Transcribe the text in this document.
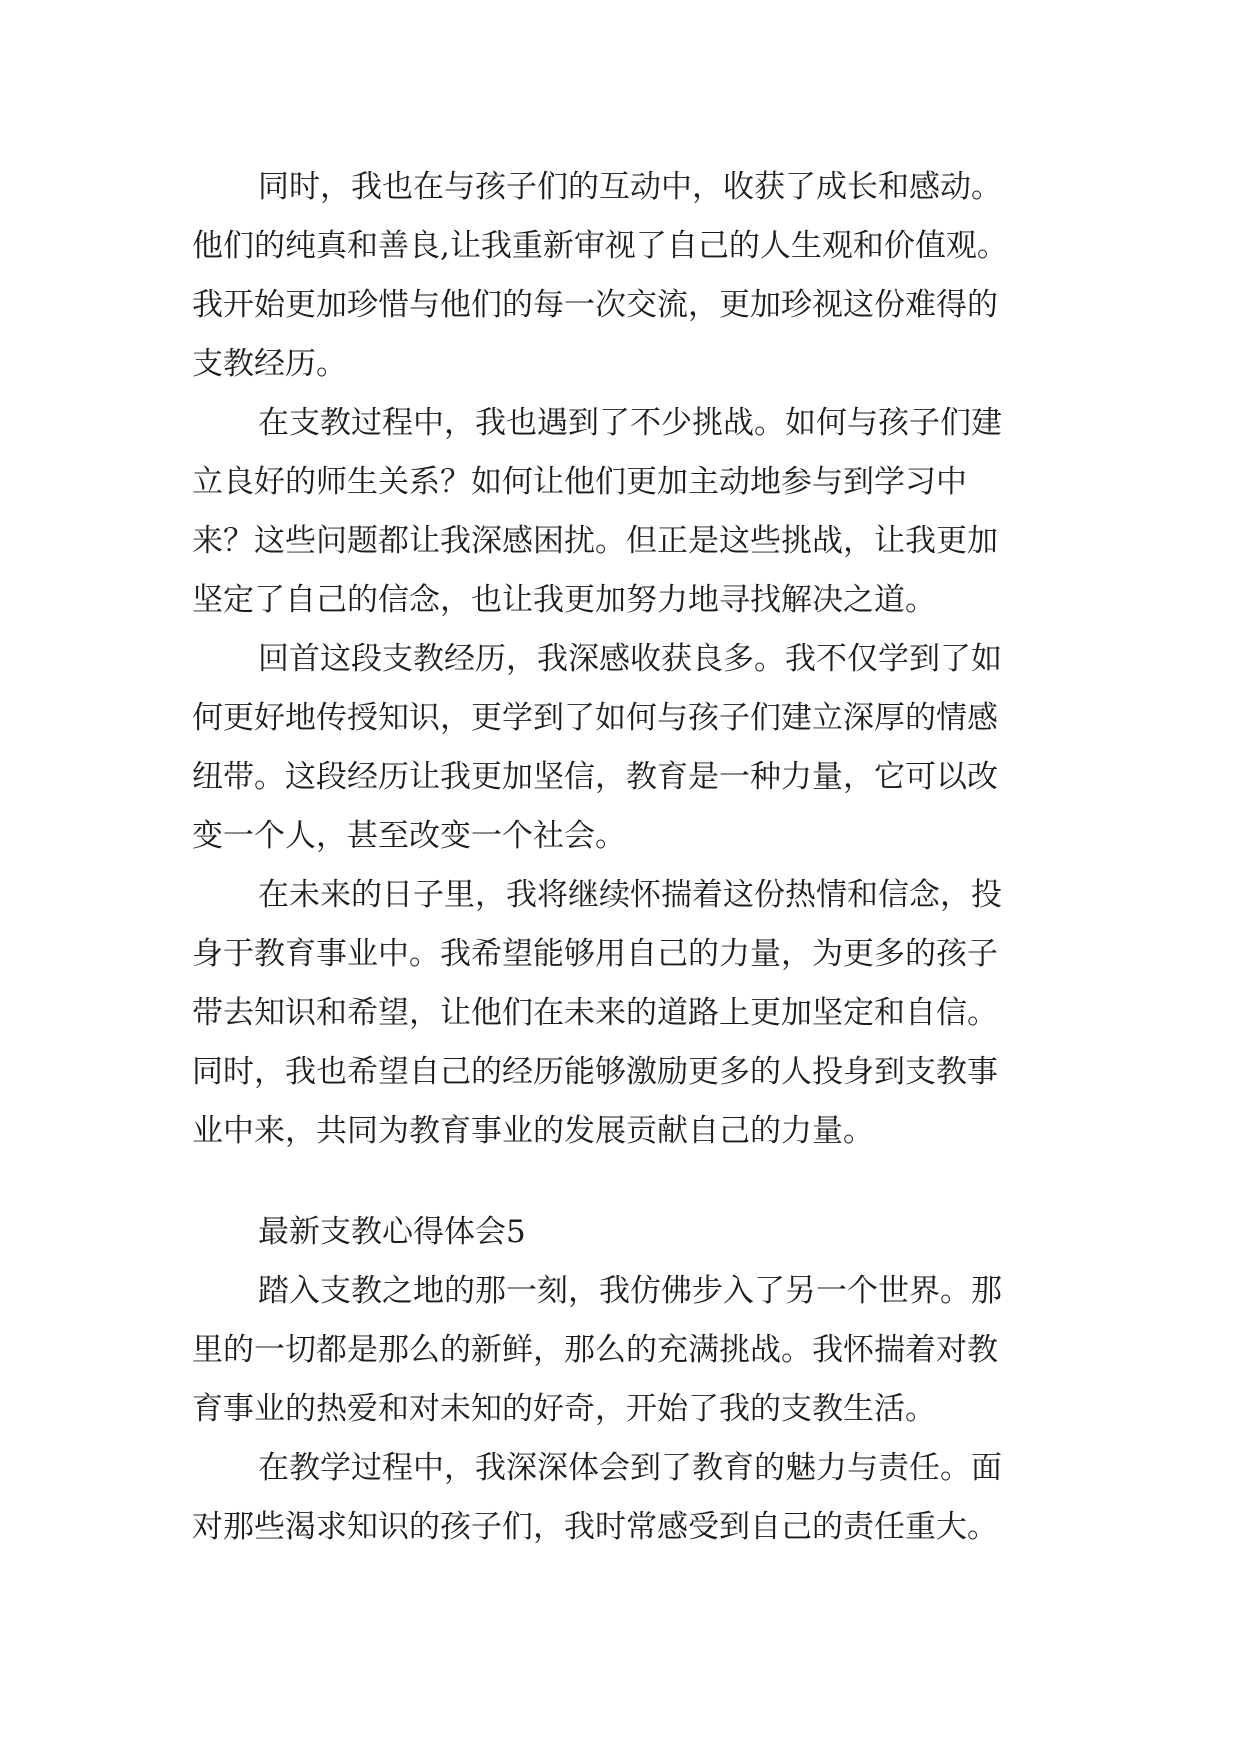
同时，我也在与孩子们的互动中，收获了成长和感动。

他们的纯真和善良,让我重新审视了自己的人生观和价值观。

我开始更加珍惜与他们的每一次交流，更加珍视这份难得的

支教经历。

在支教过程中，我也遇到了不少挑战。如何与孩子们建

立良好的师生关系？如何让他们更加主动地参与到学习中

来？这些问题都让我深感困扰。但正是这些挑战，让我更加

坚定了自己的信念，也让我更加努力地寻找解决之道。

回首这段支教经历，我深感收获良多。我不仅学到了如

何更好地传授知识，更学到了如何与孩子们建立深厚的情感

纽带。这段经历让我更加坚信，教育是一种力量，它可以改

变一个人，甚至改变一个社会。

在未来的日子里，我将继续怀揣着这份热情和信念，投

身于教育事业中。我希望能够用自己的力量，为更多的孩子

带去知识和希望，让他们在未来的道路上更加坚定和自信。

同时，我也希望自己的经历能够激励更多的人投身到支教事

业中来，共同为教育事业的发展贡献自己的力量。

最新支教心得体会5

踏入支教之地的那一刻，我仿佛步入了另一个世界。那

里的一切都是那么的新鲜，那么的充满挑战。我怀揣着对教

育事业的热爱和对未知的好奇，开始了我的支教生活。

在教学过程中，我深深体会到了教育的魅力与责任。面

对那些渴求知识的孩子们，我时常感受到自己的责任重大。
